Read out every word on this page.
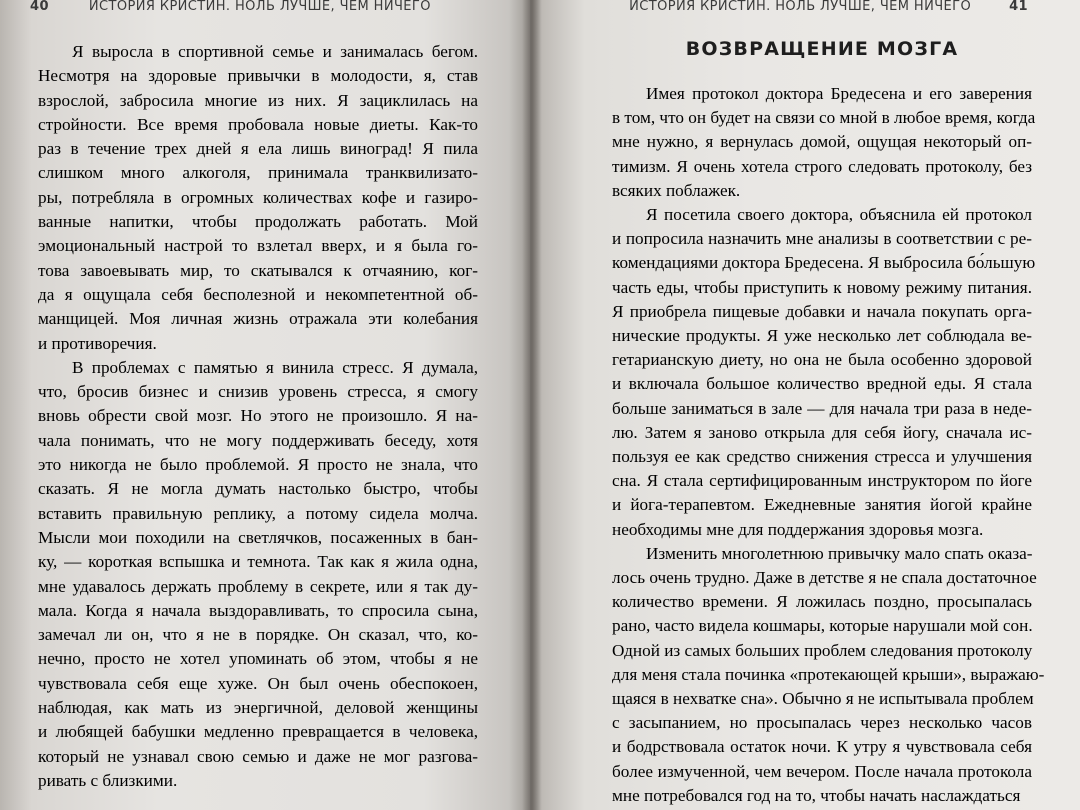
40	ИСТОРИЯ КРИСТИН. НОЛЬ ЛУЧШЕ, ЧЕМ НИЧЕГО	ИСТОРИЯ КРИСТИН. НОЛЬ ЛУЧШЕ, ЧЕМ НИЧЕГО	41
Я выросла в спортивной семье и занималась бегом.
Несмотря на здоровые привычки в молодости, я, став
взрослой, забросила многие из них. Я зациклилась на
стройности. Все время пробовала новые диеты. Как-то
раз в течение трех дней я ела лишь виноград! Я пила
слишком много алкоголя, принимала транквилизато-
ры, потребляла в огромных количествах кофе и газиро-
ванные напитки, чтобы продолжать работать. Мой
эмоциональный настрой то взлетал вверх, и я была го-
това завоевывать мир, то скатывался к отчаянию, ког-
да я ощущала себя бесполезной и некомпетентной об-
манщицей. Моя личная жизнь отражала эти колебания
и противоречия.
В проблемах с памятью я винила стресс. Я думала,
что, бросив бизнес и снизив уровень стресса, я смогу
вновь обрести свой мозг. Но этого не произошло. Я на-
чала понимать, что не могу поддерживать беседу, хотя
это никогда не было проблемой. Я просто не знала, что
сказать. Я не могла думать настолько быстро, чтобы
вставить правильную реплику, а потому сидела молча.
Мысли мои походили на светлячков, посаженных в бан-
ку, — короткая вспышка и темнота. Так как я жила одна,
мне удавалось держать проблему в секрете, или я так ду-
мала. Когда я начала выздоравливать, то спросила сына,
замечал ли он, что я не в порядке. Он сказал, что, ко-
нечно, просто не хотел упоминать об этом, чтобы я не
чувствовала себя еще хуже. Он был очень обеспокоен,
наблюдая, как мать из энергичной, деловой женщины
и любящей бабушки медленно превращается в человека,
который не узнавал свою семью и даже не мог разгова-
ривать с близкими.
ВОЗВРАЩЕНИЕ МОЗГА
Имея протокол доктора Бредесена и его заверения
в том, что он будет на связи со мной в любое время, когда
мне нужно, я вернулась домой, ощущая некоторый оп-
тимизм. Я очень хотела строго следовать протоколу, без
всяких поблажек.
Я посетила своего доктора, объяснила ей протокол
и попросила назначить мне анализы в соответствии с ре-
комендациями доктора Бредесена. Я выбросила бо́льшую
часть еды, чтобы приступить к новому режиму питания.
Я приобрела пищевые добавки и начала покупать орга-
нические продукты. Я уже несколько лет соблюдала ве-
гетарианскую диету, но она не была особенно здоровой
и включала большое количество вредной еды. Я стала
больше заниматься в зале — для начала три раза в неде-
лю. Затем я заново открыла для себя йогу, сначала ис-
пользуя ее как средство снижения стресса и улучшения
сна. Я стала сертифицированным инструктором по йоге
и йога-терапевтом. Ежедневные занятия йогой крайне
необходимы мне для поддержания здоровья мозга.
Изменить многолетнюю привычку мало спать оказа-
лось очень трудно. Даже в детстве я не спала достаточное
количество времени. Я ложилась поздно, просыпалась
рано, часто видела кошмары, которые нарушали мой сон.
Одной из самых больших проблем следования протоколу
для меня стала починка «протекающей крыши», выражаю-
щаяся в нехватке сна». Обычно я не испытывала проблем
с засыпанием, но просыпалась через несколько часов
и бодрствовала остаток ночи. К утру я чувствовала себя
более измученной, чем вечером. После начала протокола
мне потребовался год на то, чтобы начать наслаждаться
